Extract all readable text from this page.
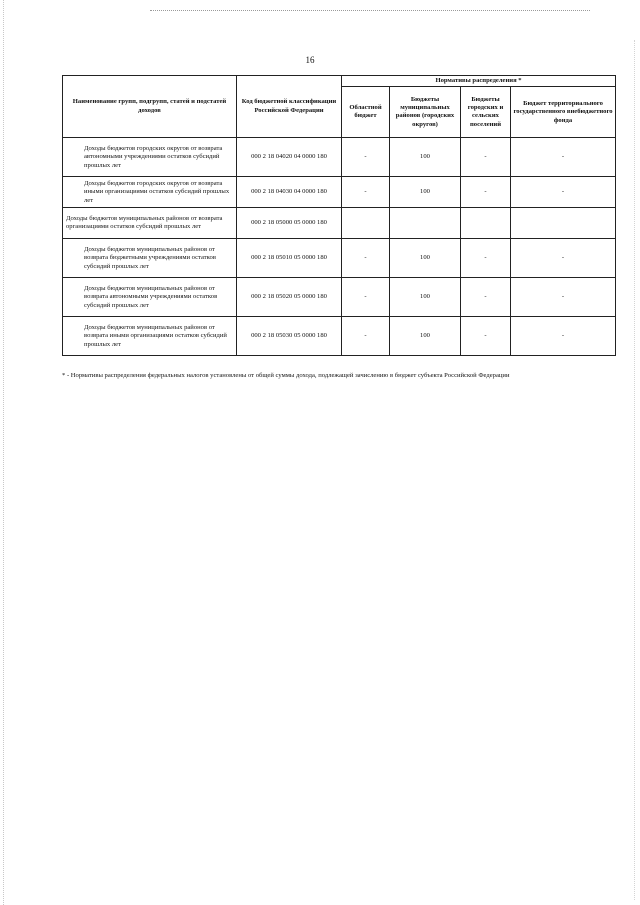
16
Наименование групп, подгрупп, статей и подстатей доходов	Код бюджетной классификации Российской Федерации	Нормативы распределения *			
		Областной бюджет	Бюджеты муниципальных районов (городских округов)	Бюджеты городских и сельских поселений	Бюджет территориального государственного внебюджетного фонда
Доходы бюджетов городских округов от возврата автономными учреждениями остатков субсидий прошлых лет	000 2 18 04020 04 0000 180	-	100	-	-
Доходы бюджетов городских округов от возврата иными организациями остатков субсидий прошлых лет	000 2 18 04030 04 0000 180	-	100	-	-
Доходы бюджетов муниципальных районов от возврата организациями остатков субсидий прошлых лет	000 2 18 05000 05 0000 180				
Доходы бюджетов муниципальных районов от возврата бюджетными учреждениями остатков субсидий прошлых лет	000 2 18 05010 05 0000 180	-	100	-	-
Доходы бюджетов муниципальных районов от возврата автономными учреждениями остатков субсидий прошлых лет	000 2 18 05020 05 0000 180	-	100	-	-
Доходы бюджетов муниципальных районов от возврата иными организациями остатков субсидий прошлых лет	000 2 18 05030 05 0000 180	-	100	-	-
* - Нормативы распределения федеральных налогов установлены от общей суммы дохода, подлежащей зачислению в бюджет субъекта Российской Федерации
